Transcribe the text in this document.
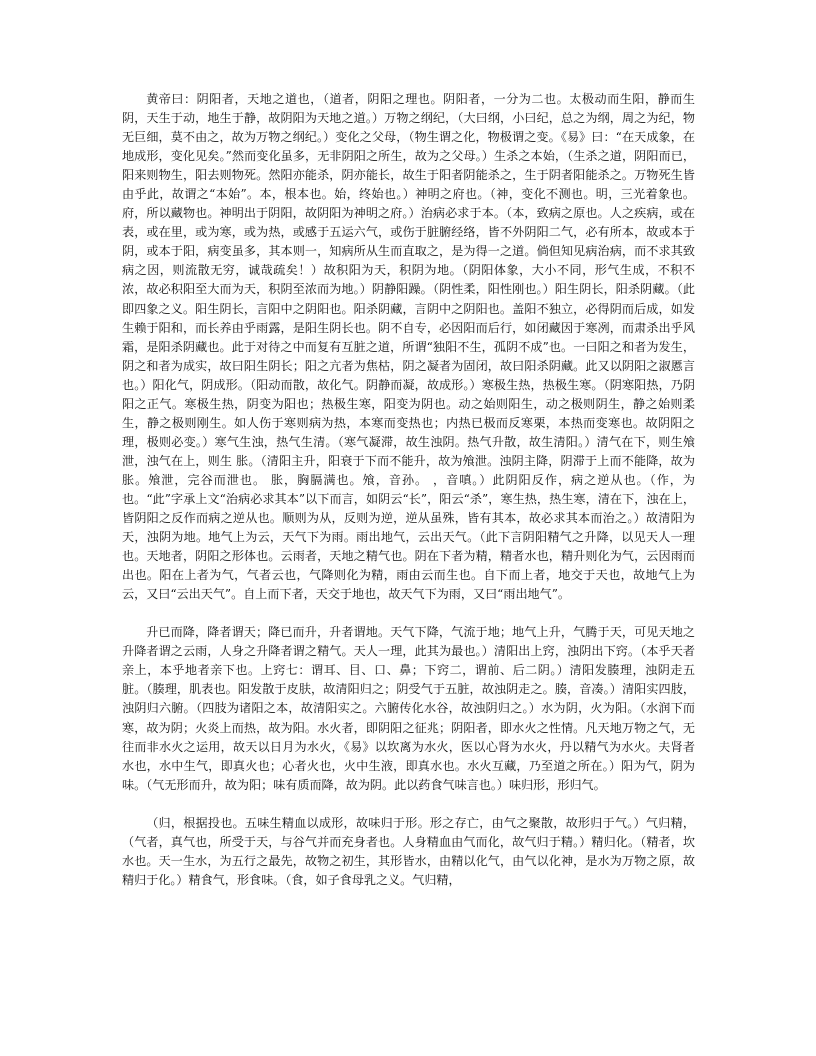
黄帝曰：阴阳者，天地之道也，（道者，阴阳之理也。阴阳者，一分为二也。太极动而生阳，静而生阴，天生于动，地生于静，故阴阳为天地之道。）万物之纲纪，（大曰纲，小曰纪，总之为纲，周之为纪，物无巨细，莫不由之，故为万物之纲纪。）变化之父母，（物生谓之化，物极谓之变。《易》曰：“在天成象，在地成形，变化见矣。”然而变化虽多，无非阴阳之所生，故为之父母。）生杀之本始，（生杀之道，阴阳而已，阳来则物生，阳去则物死。然阳亦能杀，阴亦能长，故生于阳者阴能杀之，生于阴者阳能杀之。万物死生皆由乎此，故谓之“本始”。本，根本也。始，终始也。）神明之府也。（神，变化不测也。明，三光着象也。府，所以藏物也。神明出于阴阳，故阴阳为神明之府。）治病必求于本。（本，致病之原也。人之疾病，或在表，或在里，或为寒，或为热，或感于五运六气，或伤于脏腑经络，皆不外阴阳二气，必有所本，故或本于阴，或本于阳，病变虽多，其本则一，知病所从生而直取之，是为得一之道。倘但知见病治病，而不求其致病之因，则流散无穷，诚哉疏矣！）故积阳为天，积阴为地。（阴阳体象，大小不同，形气生成，不积不浓，故必积阳至大而为天，积阴至浓而为地。）阴静阳躁。（阴性柔，阳性刚也。）阳生阴长，阳杀阴藏。（此即四象之义。阳生阴长，言阳中之阴阳也。阳杀阴藏，言阴中之阴阳也。盖阳不独立，必得阴而后成，如发生赖于阳和，而长养由乎雨露，是阳生阴长也。阴不自专，必因阳而后行，如闭藏因于寒冽，而肃杀出乎风霜，是阳杀阴藏也。此于对待之中而复有互脏之道，所谓“独阳不生，孤阴不成”也。一曰阳之和者为发生，阴之和者为成实，故曰阳生阴长；阳之亢者为焦枯，阴之凝者为固闭，故曰阳杀阴藏。此又以阴阳之淑慝言也。）阳化气，阴成形。（阳动而散，故化气。阴静而凝，故成形。）寒极生热，热极生寒。（阴寒阳热，乃阴阳之正气。寒极生热，阴变为阳也；热极生寒，阳变为阴也。动之始则阳生，动之极则阴生，静之始则柔生，静之极则刚生。如人伤于寒则病为热，本寒而变热也；内热已极而反寒栗，本热而变寒也。故阴阳之理，极则必变。）寒气生浊，热气生清。（寒气凝滞，故生浊阴。热气升散，故生清阳。）清气在下，则生飧泄，浊气在上，则生 胀。（清阳主升，阳衰于下而不能升，故为飧泄。浊阴主降，阴滞于上而不能降，故为 胀。飧泄，完谷而泄也。 胀，胸膈满也。飧，音孙。 ，音嗔。）此阴阳反作，病之逆从也。（作，为也。“此”字承上文“治病必求其本”以下而言，如阴云“长”，阳云“杀”，寒生热，热生寒，清在下，浊在上，皆阴阳之反作而病之逆从也。顺则为从，反则为逆，逆从虽殊，皆有其本，故必求其本而治之。）故清阳为天，浊阴为地。地气上为云，天气下为雨。雨出地气，云出天气。（此下言阴阳精气之升降，以见天人一理也。天地者，阴阳之形体也。云雨者，天地之精气也。阴在下者为精，精者水也，精升则化为气，云因雨而出也。阳在上者为气，气者云也，气降则化为精，雨由云而生也。自下而上者，地交于天也，故地气上为云，又曰“云出天气”。自上而下者，天交于地也，故天气下为雨，又曰“雨出地气”。

升已而降，降者谓天；降已而升，升者谓地。天气下降，气流于地；地气上升，气腾于天，可见天地之升降者谓之云雨，人身之升降者谓之精气。天人一理，此其为最也。）清阳出上窍，浊阴出下窍。（本乎天者亲上，本乎地者亲下也。上窍七：谓耳、目、口、鼻；下窍二，谓前、后二阴。）清阳发腠理，浊阴走五脏。（腠理，肌表也。阳发散于皮肤，故清阳归之；阴受气于五脏，故浊阴走之。腠，音凑。）清阳实四肢，浊阴归六腑。（四肢为诸阳之本，故清阳实之。六腑传化水谷，故浊阴归之。）水为阴，火为阳。（水润下而寒，故为阴；火炎上而热，故为阳。水火者，即阴阳之征兆；阴阳者，即水火之性情。凡天地万物之气，无往而非水火之运用，故天以日月为水火，《易》以坎离为水火，医以心肾为水火，丹以精气为水火。夫肾者水也，水中生气，即真火也；心者火也，火中生液，即真水也。水火互藏，乃至道之所在。）阳为气，阴为味。（气无形而升，故为阳；味有质而降，故为阴。此以药食气味言也。）味归形，形归气。

（归，根据投也。五味生精血以成形，故味归于形。形之存亡，由气之聚散，故形归于气。）气归精，（气者，真气也，所受于天，与谷气并而充身者也。人身精血由气而化，故气归于精。）精归化。（精者，坎水也。天一生水，为五行之最先，故物之初生，其形皆水，由精以化气，由气以化神，是水为万物之原，故精归于化。）精食气，形食味。（食，如子食母乳之义。气归精，
